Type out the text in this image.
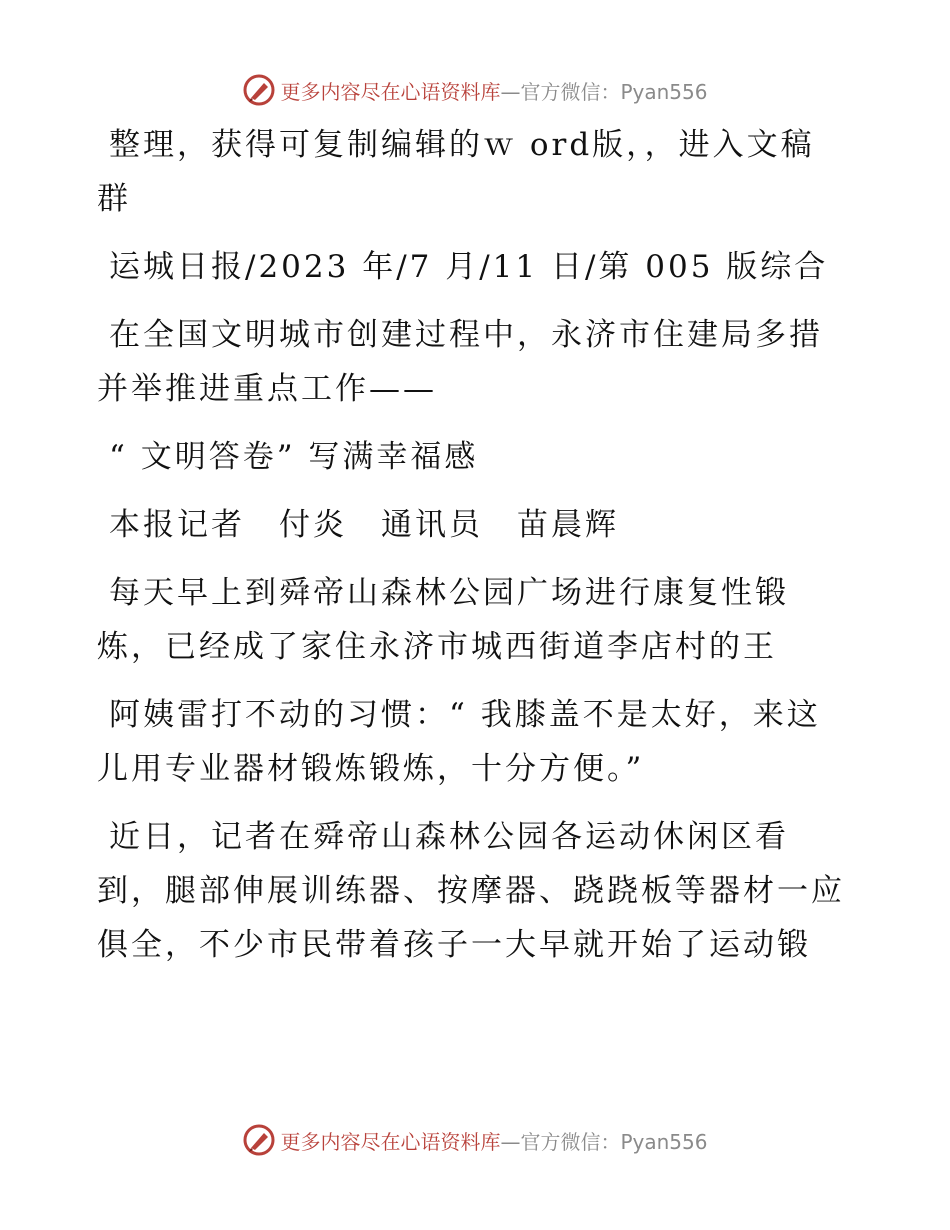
更多内容尽在心语资料库—官方微信：Pyan556
整理，获得可复制编辑的ｗ ord版，，进入文稿
群
运城日报/2023 年/7 月/11 日/第 005 版综合
在全国文明城市创建过程中，永济市住建局多措
并举推进重点工作——
“ 文明答卷” 写满幸福感
本报记者　付炎　通讯员　苗晨辉
每天早上到舜帝山森林公园广场进行康复性锻
炼，已经成了家住永济市城西街道李店村的王
阿姨雷打不动的习惯：“ 我膝盖不是太好，来这
儿用专业器材锻炼锻炼，十分方便。”
近日，记者在舜帝山森林公园各运动休闲区看
到，腿部伸展训练器、按摩器、跷跷板等器材一应
俱全，不少市民带着孩子一大早就开始了运动锻
更多内容尽在心语资料库—官方微信：Pyan556
